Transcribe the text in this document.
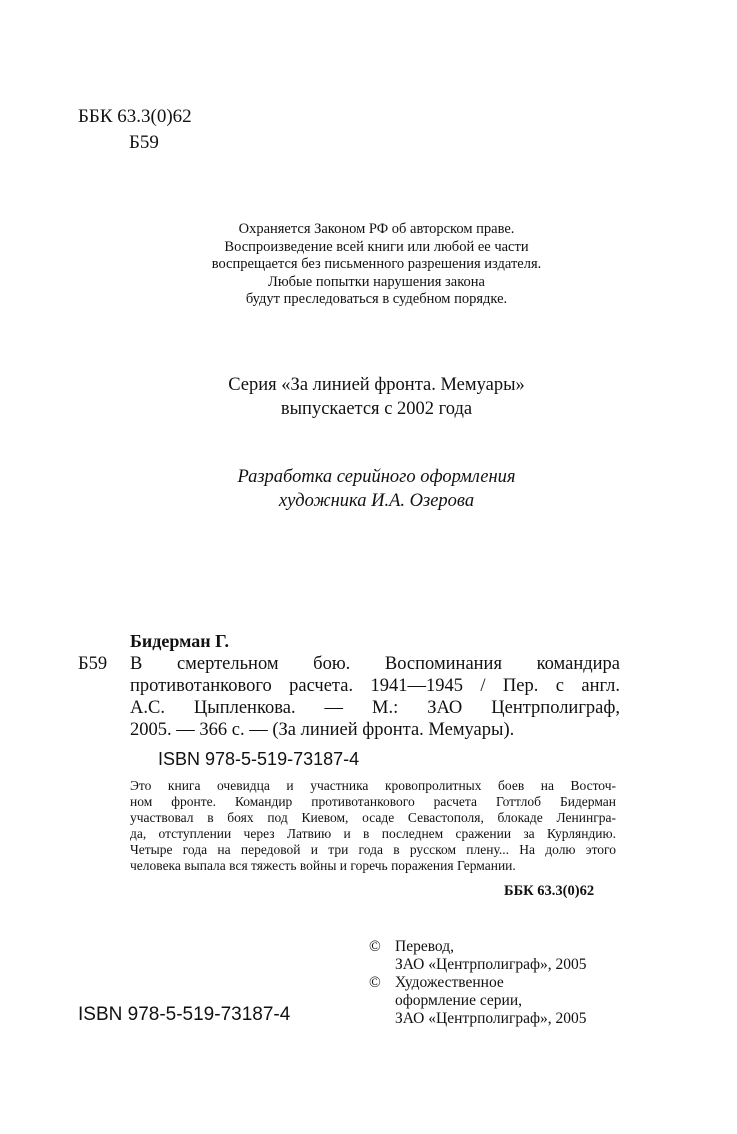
ББК 63.3(0)62
Б59
Охраняется Законом РФ об авторском праве.
Воспроизведение всей книги или любой ее части
воспрещается без письменного разрешения издателя.
Любые попытки нарушения закона
будут преследоваться в судебном порядке.
Серия «За линией фронта. Мемуары»
выпускается с 2002 года
Разработка серийного оформления
художника И.А. Озерова
Бидерман Г.
Б59 В смертельном бою. Воспоминания командира
противотанкового расчета. 1941—1945 / Пер. с англ.
А.С. Цыпленкова. — М.: ЗАО Центрполиграф,
2005. — 366 с. — (За линией фронта. Мемуары).
ISBN 978-5-519-73187-4
Это книга очевидца и участника кровопролитных боев на Восточ-
ном фронте. Командир противотанкового расчета Готтлоб Бидерман
участвовал в боях под Киевом, осаде Севастополя, блокаде Ленингра-
да, отступлении через Латвию и в последнем сражении за Курляндию.
Четыре года на передовой и три года в русском плену... На долю этого
человека выпала вся тяжесть войны и горечь поражения Германии.
ББК 63.3(0)62
© Перевод,
ЗАО «Центрполиграф», 2005
© Художественное
оформление серии,
ЗАО «Центрполиграф», 2005
ISBN 978-5-519-73187-4
